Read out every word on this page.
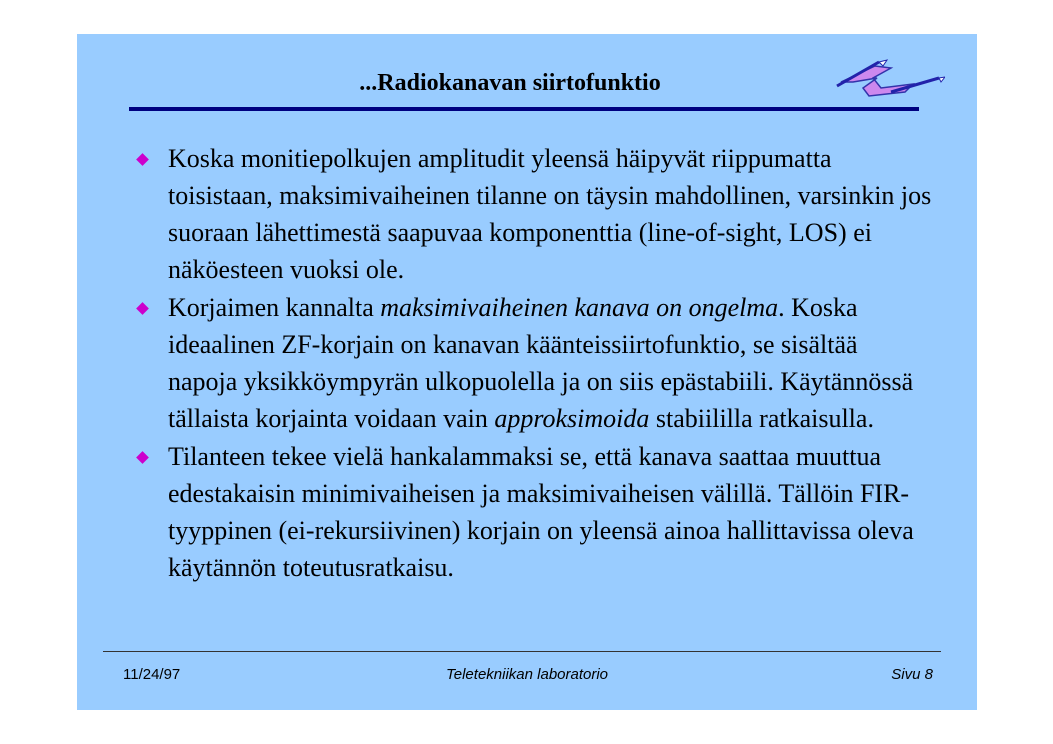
...Radiokanavan siirtofunktio
Koska monitiepolkujen amplitudit yleensä häipyvät riippumatta toisistaan, maksimivaiheinen tilanne on täysin mahdollinen, varsinkin jos suoraan lähettimestä saapuvaa komponenttia (line-of-sight, LOS) ei näköesteen vuoksi ole.
Korjaimen kannalta maksimivaiheinen kanava on ongelma. Koska ideaalinen ZF-korjain on kanavan käänteissiirtofunktio, se sisältää napoja yksikköympyrän ulkopuolella ja on siis epästabiili. Käytännössä tällaista korjainta voidaan vain approksimoida stabiililla ratkaisulla.
Tilanteen tekee vielä hankalammaksi se, että kanava saattaa muuttua edestakaisin minimivaiheisen ja maksimivaiheisen välillä. Tällöin FIR-tyyppinen (ei-rekursiivinen) korjain on yleensä ainoa hallittavissa oleva käytännön toteutusratkaisu.
11/24/97	Teletekniikan laboratorio	Sivu 8
